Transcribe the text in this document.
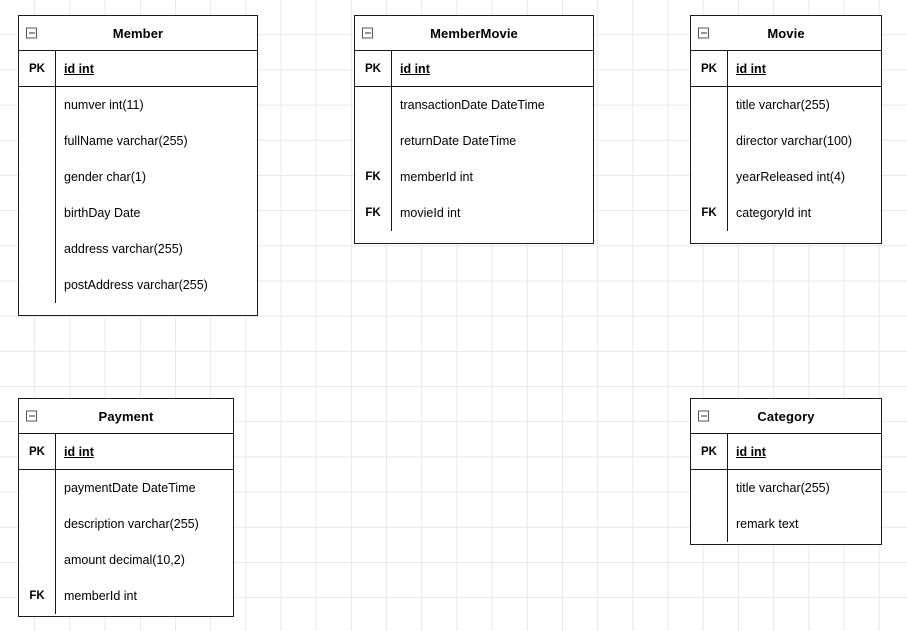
Member
PK	id int
numver int(11)
fullName varchar(255)
gender char(1)
birthDay Date
address varchar(255)
postAddress varchar(255)
MemberMovie
PK	id int
transactionDate DateTime
returnDate DateTime
FK	memberId int
FK	movieId int
Movie
PK	id int
title varchar(255)
director varchar(100)
yearReleased int(4)
FK	categoryId int
Payment
PK	id int
paymentDate DateTime
description varchar(255)
amount decimal(10,2)
FK	memberId int
Category
PK	id int
title varchar(255)
remark text
